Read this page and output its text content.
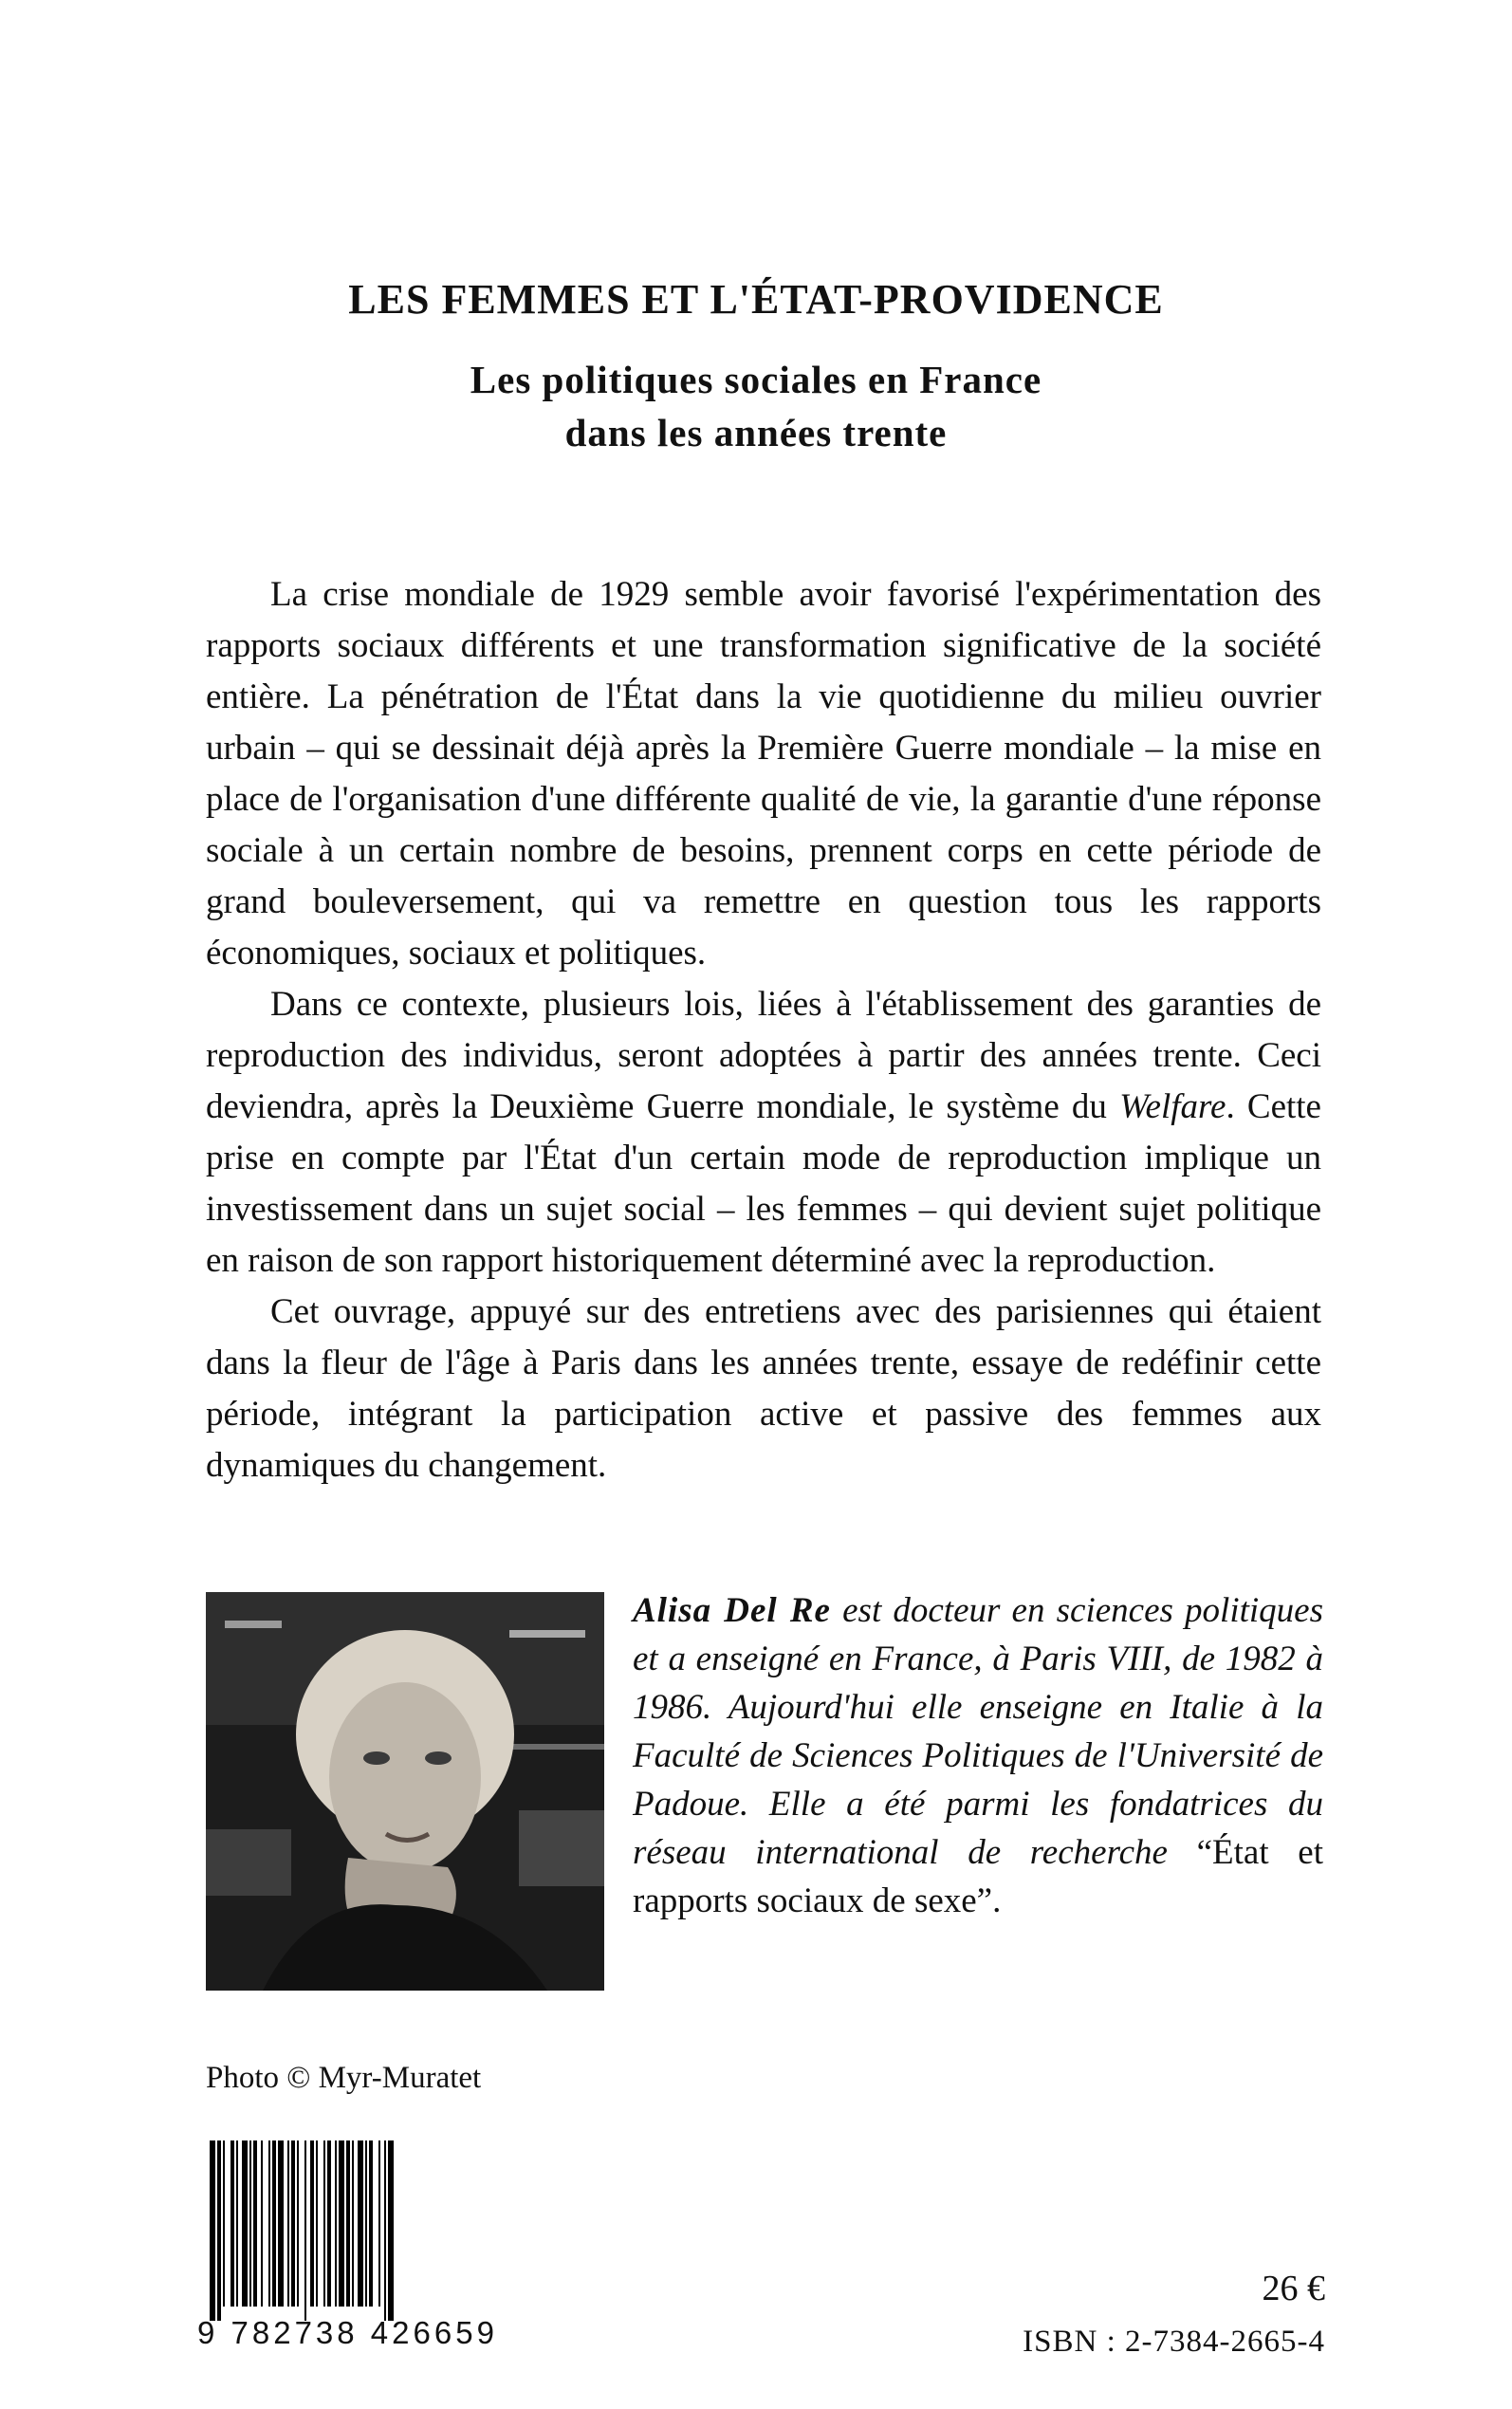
LES FEMMES ET L'ÉTAT-PROVIDENCE
Les politiques sociales en France
dans les années trente

La crise mondiale de 1929 semble avoir favorisé l'expérimentation des rapports sociaux différents et une transformation significative de la société entière. La pénétration de l'État dans la vie quotidienne du milieu ouvrier urbain – qui se dessinait déjà après la Première Guerre mondiale – la mise en place de l'organisation d'une différente qualité de vie, la garantie d'une réponse sociale à un certain nombre de besoins, prennent corps en cette période de grand bouleversement, qui va remettre en question tous les rapports économiques, sociaux et politiques.

Dans ce contexte, plusieurs lois, liées à l'établissement des garanties de reproduction des individus, seront adoptées à partir des années trente. Ceci deviendra, après la Deuxième Guerre mondiale, le système du Welfare. Cette prise en compte par l'État d'un certain mode de reproduction implique un investissement dans un sujet social – les femmes – qui devient sujet politique en raison de son rapport historiquement déterminé avec la reproduction.

Cet ouvrage, appuyé sur des entretiens avec des parisiennes qui étaient dans la fleur de l'âge à Paris dans les années trente, essaye de redéfinir cette période, intégrant la participation active et passive des femmes aux dynamiques du changement.

Alisa Del Re est docteur en sciences politiques et a enseigné en France, à Paris VIII, de 1982 à 1986. Aujourd'hui elle enseigne en Italie à la Faculté de Sciences Politiques de l'Université de Padoue. Elle a été parmi les fondatrices du réseau international de recherche “État et rapports sociaux de sexe”.
Photo © Myr-Muratet
9 782738 426659
26 €
ISBN : 2-7384-2665-4
